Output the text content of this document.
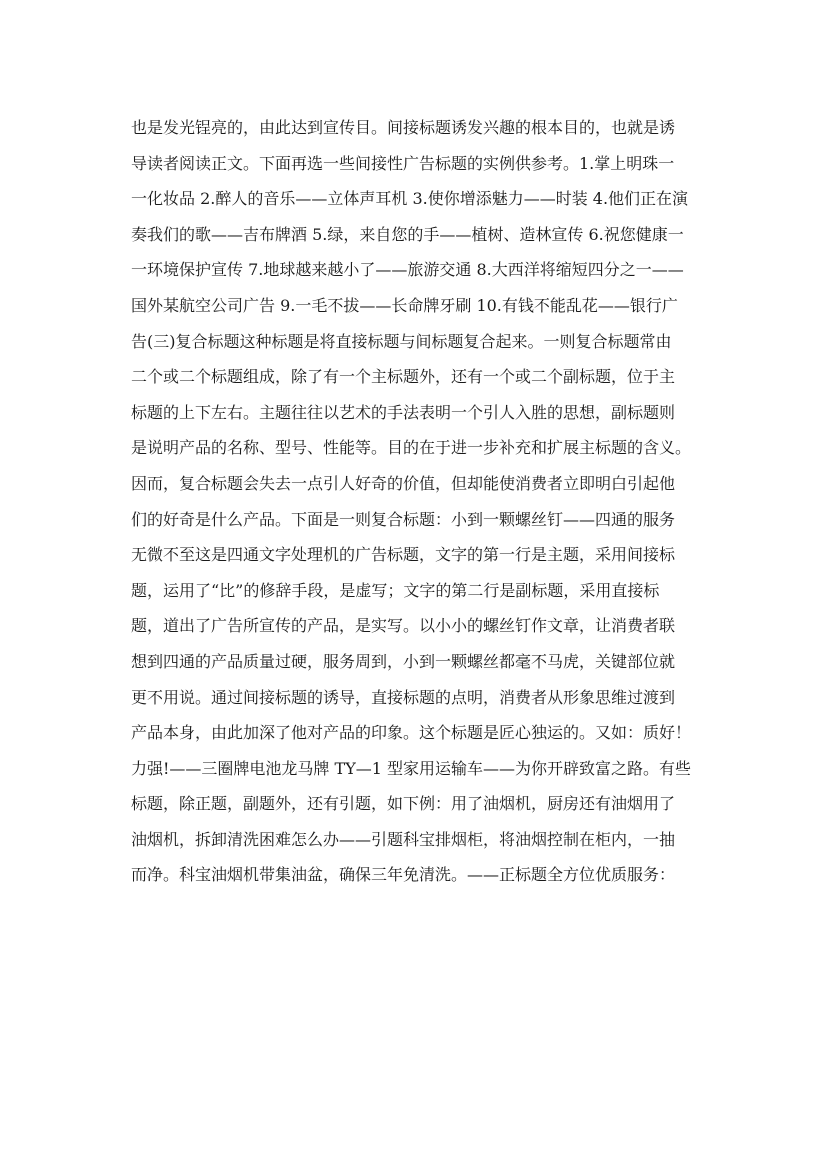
也是发光锃亮的，由此达到宣传目。间接标题诱发兴趣的根本目的，也就是诱
导读者阅读正文。下面再选一些间接性广告标题的实例供参考。1.掌上明珠一
一化妆品 2.醉人的音乐——立体声耳机 3.使你增添魅力——时装 4.他们正在演
奏我们的歌——吉布牌酒 5.绿，来自您的手——植树、造林宣传 6.祝您健康一
一环境保护宣传 7.地球越来越小了——旅游交通 8.大西洋将缩短四分之一——
国外某航空公司广告 9.一毛不拔——长命牌牙刷 10.有钱不能乱花——银行广
告(三)复合标题这种标题是将直接标题与间标题复合起来。一则复合标题常由
二个或二个标题组成，除了有一个主标题外，还有一个或二个副标题，位于主
标题的上下左右。主题往往以艺术的手法表明一个引人入胜的思想，副标题则
是说明产品的名称、型号、性能等。目的在于进一步补充和扩展主标题的含义。
因而，复合标题会失去一点引人好奇的价值，但却能使消费者立即明白引起他
们的好奇是什么产品。下面是一则复合标题：小到一颗螺丝钉——四通的服务
无微不至这是四通文字处理机的广告标题，文字的第一行是主题，采用间接标
题，运用了“比”的修辞手段，是虚写；文字的第二行是副标题，采用直接标
题，道出了广告所宣传的产品，是实写。以小小的螺丝钉作文章，让消费者联
想到四通的产品质量过硬，服务周到，小到一颗螺丝都毫不马虎，关键部位就
更不用说。通过间接标题的诱导，直接标题的点明，消费者从形象思维过渡到
产品本身，由此加深了他对产品的印象。这个标题是匠心独运的。又如：质好！
力强!——三圈牌电池龙马牌 TY—1 型家用运输车——为你开辟致富之路。有些
标题，除正题，副题外，还有引题，如下例：用了油烟机，厨房还有油烟用了
油烟机，拆卸清洗困难怎么办——引题科宝排烟柜，将油烟控制在柜内，一抽
而净。科宝油烟机带集油盆，确保三年免清洗。——正标题全方位优质服务：
